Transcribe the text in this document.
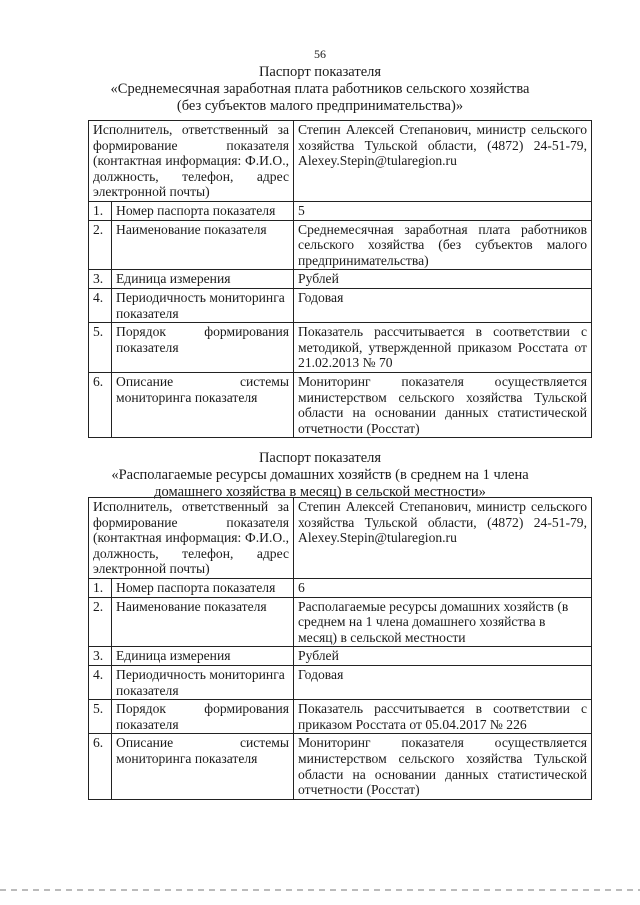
56
Паспорт показателя
«Среднемесячная заработная плата работников сельского хозяйства
(без субъектов малого предпринимательства)»
Исполнитель, ответственный за формирование показателя (контактная информация: Ф.И.О., должность, телефон, адрес электронной почты)		Степин Алексей Степанович, министр сельского хозяйства Тульской области, (4872) 24-51-79, Alexey.Stepin@tularegion.ru
1.	Номер паспорта показателя	5
2.	Наименование показателя	Среднемесячная заработная плата работников сельского хозяйства (без субъектов малого предпринимательства)
3.	Единица измерения	Рублей
4.	Периодичность мониторинга показателя	Годовая
5.	Порядок формирования показателя	Показатель рассчитывается в соответствии с методикой, утвержденной приказом Росстата от 21.02.2013 № 70
6.	Описание системы мониторинга показателя	Мониторинг показателя осуществляется министерством сельского хозяйства Тульской области на основании данных статистической отчетности (Росстат)
Паспорт показателя
«Располагаемые ресурсы домашних хозяйств (в среднем на 1 члена
домашнего хозяйства в месяц) в сельской местности»
Исполнитель, ответственный за формирование показателя (контактная информация: Ф.И.О., должность, телефон, адрес электронной почты)		Степин Алексей Степанович, министр сельского хозяйства Тульской области, (4872) 24-51-79, Alexey.Stepin@tularegion.ru
1.	Номер паспорта показателя	6
2.	Наименование показателя	Располагаемые ресурсы домашних хозяйств (в среднем на 1 члена домашнего хозяйства в месяц) в сельской местности
3.	Единица измерения	Рублей
4.	Периодичность мониторинга показателя	Годовая
5.	Порядок формирования показателя	Показатель рассчитывается в соответствии с приказом Росстата от 05.04.2017 № 226
6.	Описание системы мониторинга показателя	Мониторинг показателя осуществляется министерством сельского хозяйства Тульской области на основании данных статистической отчетности (Росстат)
